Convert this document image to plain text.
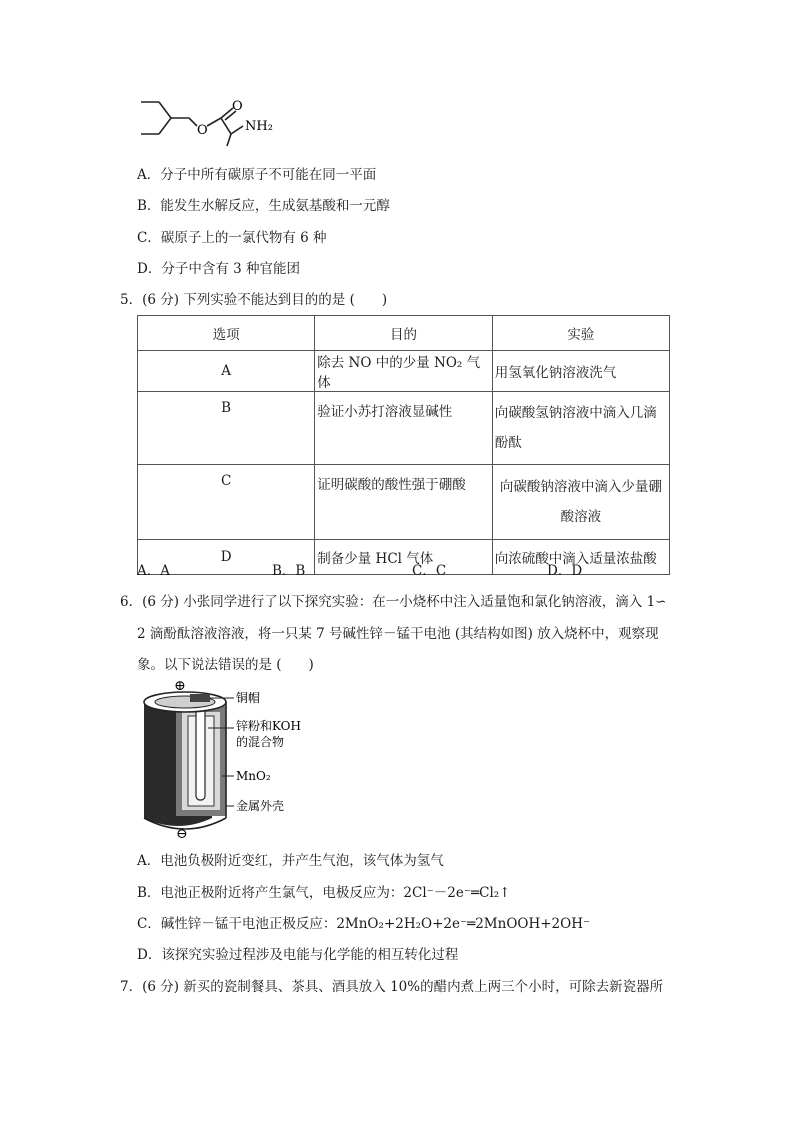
O
O
NH₂
A．分子中所有碳原子不可能在同一平面
B．能发生水解反应，生成氨基酸和一元醇
C．碳原子上的一氯代物有 6 种
D．分子中含有 3 种官能团
5．(6 分) 下列实验不能达到目的的是 (　　)
选项	目的	实验
A	除去 NO 中的少量 NO₂ 气体	用氢氧化钠溶液洗气
B	验证小苏打溶液显碱性	向碳酸氢钠溶液中滴入几滴酚酞
C	证明碳酸的酸性强于硼酸	向碳酸钠溶液中滴入少量硼酸溶液
D	制备少量 HCl 气体	向浓硫酸中滴入适量浓盐酸
A．A	B．B	C．C	D．D
6．(6 分) 小张同学进行了以下探究实验：在一小烧杯中注入适量饱和氯化钠溶液，滴入 1∽
2 滴酚酞溶液溶液，将一只某 7 号碱性锌－锰干电池 (其结构如图) 放入烧杯中，观察现
象。以下说法错误的是 (　　)
⊕
⊖
铜帽
锌粉和KOH
的混合物
MnO₂
金属外壳
A．电池负极附近变红，并产生气泡，该气体为氢气
B．电池正极附近将产生氯气，电极反应为：2Cl⁻－2e⁻═Cl₂↑
C．碱性锌－锰干电池正极反应：2MnO₂+2H₂O+2e⁻═2MnOOH+2OH⁻
D．该探究实验过程涉及电能与化学能的相互转化过程
7．(6 分) 新买的瓷制餐具、茶具、酒具放入 10%的醋内煮上两三个小时，可除去新瓷器所
